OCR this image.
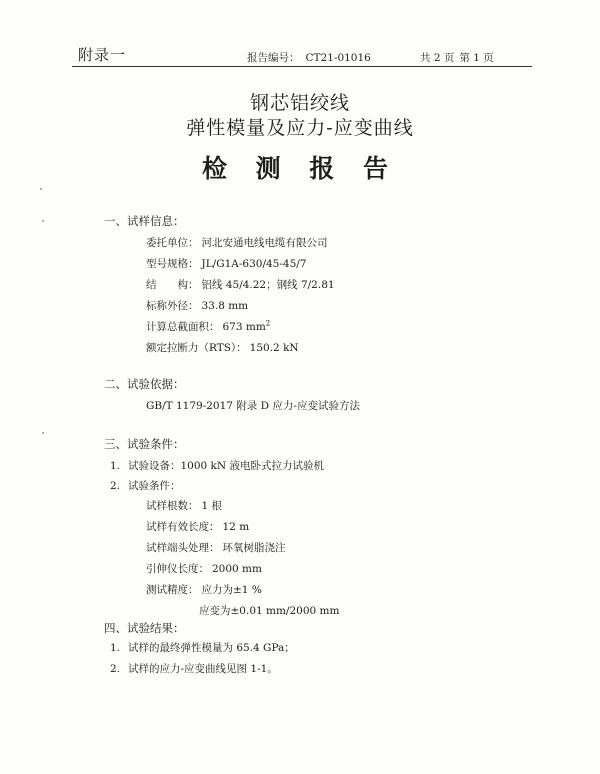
附录一	报告编号： CT21-01016	共 2 页 第 1 页
钢芯铝绞线
弹性模量及应力-应变曲线
检 测 报 告
一、试样信息：
委托单位： 河北安通电线电缆有限公司
型号规格： JL/G1A-630/45-45/7
结　　构： 铝线 45/4.22；钢线 7/2.81
标称外径： 33.8 mm
计算总截面积： 673 $mm^2$
额定拉断力（RTS）： 150.2 kN
二、试验依据：
GB/T 1179-2017 附录 D 应力-应变试验方法
三、试验条件：
1. 试验设备：1000 kN 液电卧式拉力试验机
2. 试验条件：
试样根数： 1 根
试样有效长度： 12 m
试样端头处理： 环氧树脂浇注
引伸仪长度： 2000 mm
测试精度： 应力为±1 %
应变为±0.01 mm/2000 mm
四、试验结果：
1. 试样的最终弹性模量为 65.4 GPa；
2. 试样的应力-应变曲线见图 1-1。
